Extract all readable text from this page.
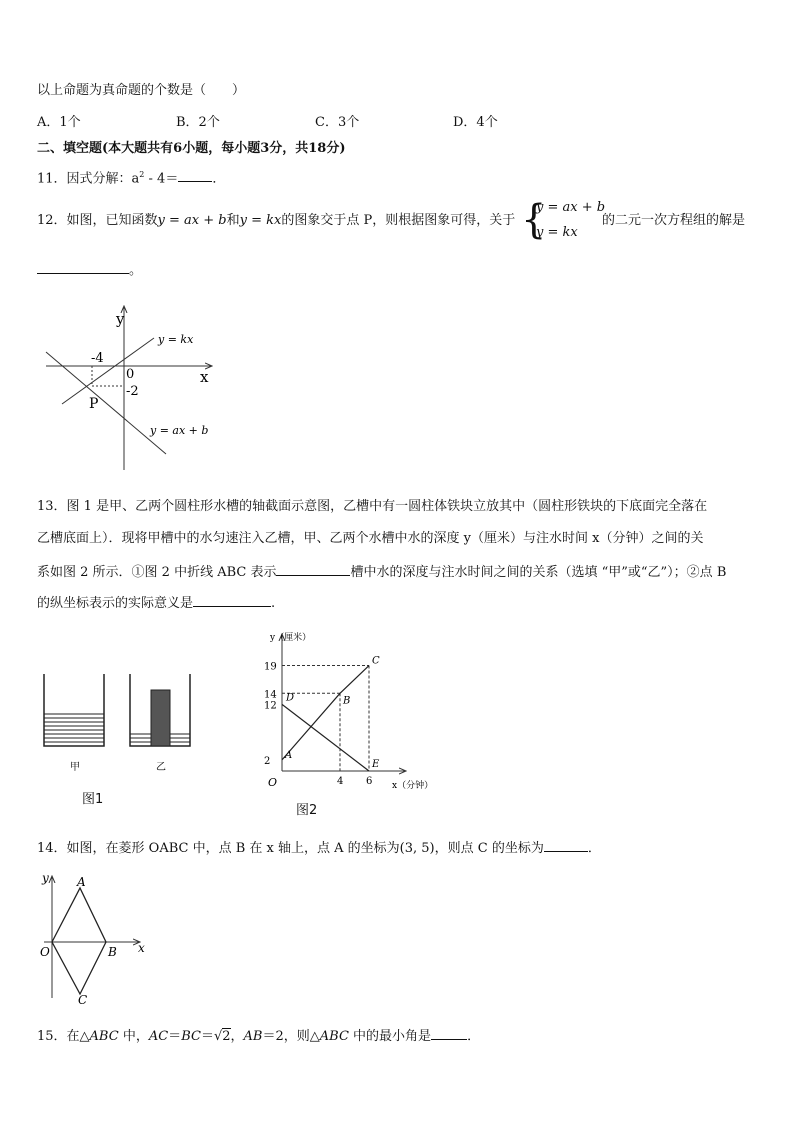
以上命题为真命题的个数是（　　）
A．1个	B．2个	C．3个	D．4个
二、填空题(本大题共有6小题，每小题3分，共18分)
11．因式分解：$a^2 - 4=$	．
12．如图，已知函数y = ax + b和y = kx的图象交于点 P，则根据图象可得，关于 {
y = ax + b
y = kx
的二元一次方程组的解是
。
y
x
0
-4
-2
P
y = kx
y = ax + b
13．图 1 是甲、乙两个圆柱形水槽的轴截面示意图，乙槽中有一圆柱体铁块立放其中（圆柱形铁块的下底面完全落在
乙槽底面上）．现将甲槽中的水匀速注入乙槽，甲、乙两个水槽中水的深度 y（厘米）与注水时间 x（分钟）之间的关
系如图 2 所示．①图 2 中折线 ABC 表示	槽中水的深度与注水时间之间的关系（选填 “甲”或“乙”）；②点 B
的纵坐标表示的实际意义是	.
甲	乙
图1
y（厘米）
x（分钟）
O
19
14
12
2
4 6
A
B
C
D
E
图2
14．如图，在菱形 OABC 中，点 B 在 x 轴上，点 A 的坐标为(3, 5)，则点 C 的坐标为	．
y
x
O
A
B
C
15．在△ABC 中，AC＝BC＝√2，AB＝2，则△ABC 中的最小角是	．
